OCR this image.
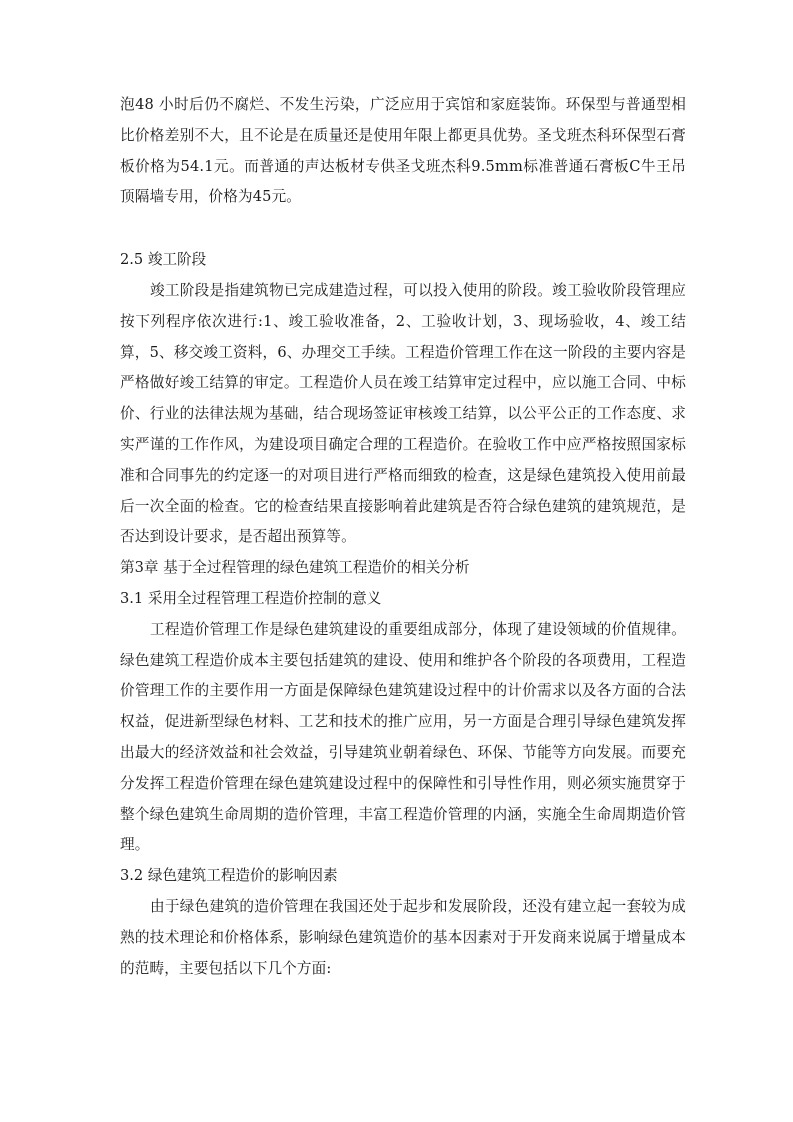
泡48 小时后仍不腐烂、不发生污染，广泛应用于宾馆和家庭装饰。环保型与普通型相比价格差别不大，且不论是在质量还是使用年限上都更具优势。圣戈班杰科环保型石膏板价格为54.1元。而普通的声达板材专供圣戈班杰科9.5mm标准普通石膏板C牛王吊顶隔墙专用，价格为45元。

2.5 竣工阶段

竣工阶段是指建筑物已完成建造过程，可以投入使用的阶段。竣工验收阶段管理应按下列程序依次进行:1、竣工验收准备，2、工验收计划，3、现场验收，4、竣工结算，5、移交竣工资料，6、办理交工手续。工程造价管理工作在这一阶段的主要内容是严格做好竣工结算的审定。工程造价人员在竣工结算审定过程中，应以施工合同、中标价、行业的法律法规为基础，结合现场签证审核竣工结算，以公平公正的工作态度、求实严谨的工作作风，为建设项目确定合理的工程造价。在验收工作中应严格按照国家标准和合同事先的约定逐一的对项目进行严格而细致的检查，这是绿色建筑投入使用前最后一次全面的检查。它的检查结果直接影响着此建筑是否符合绿色建筑的建筑规范，是否达到设计要求，是否超出预算等。

第3章 基于全过程管理的绿色建筑工程造价的相关分析

3.1 采用全过程管理工程造价控制的意义

工程造价管理工作是绿色建筑建设的重要组成部分，体现了建设领域的价值规律。绿色建筑工程造价成本主要包括建筑的建设、使用和维护各个阶段的各项费用，工程造价管理工作的主要作用一方面是保障绿色建筑建设过程中的计价需求以及各方面的合法权益，促进新型绿色材料、工艺和技术的推广应用，另一方面是合理引导绿色建筑发挥出最大的经济效益和社会效益，引导建筑业朝着绿色、环保、节能等方向发展。而要充分发挥工程造价管理在绿色建筑建设过程中的保障性和引导性作用，则必须实施贯穿于整个绿色建筑生命周期的造价管理，丰富工程造价管理的内涵，实施全生命周期造价管理。

3.2 绿色建筑工程造价的影响因素

由于绿色建筑的造价管理在我国还处于起步和发展阶段，还没有建立起一套较为成熟的技术理论和价格体系，影响绿色建筑造价的基本因素对于开发商来说属于增量成本的范畴，主要包括以下几个方面:
